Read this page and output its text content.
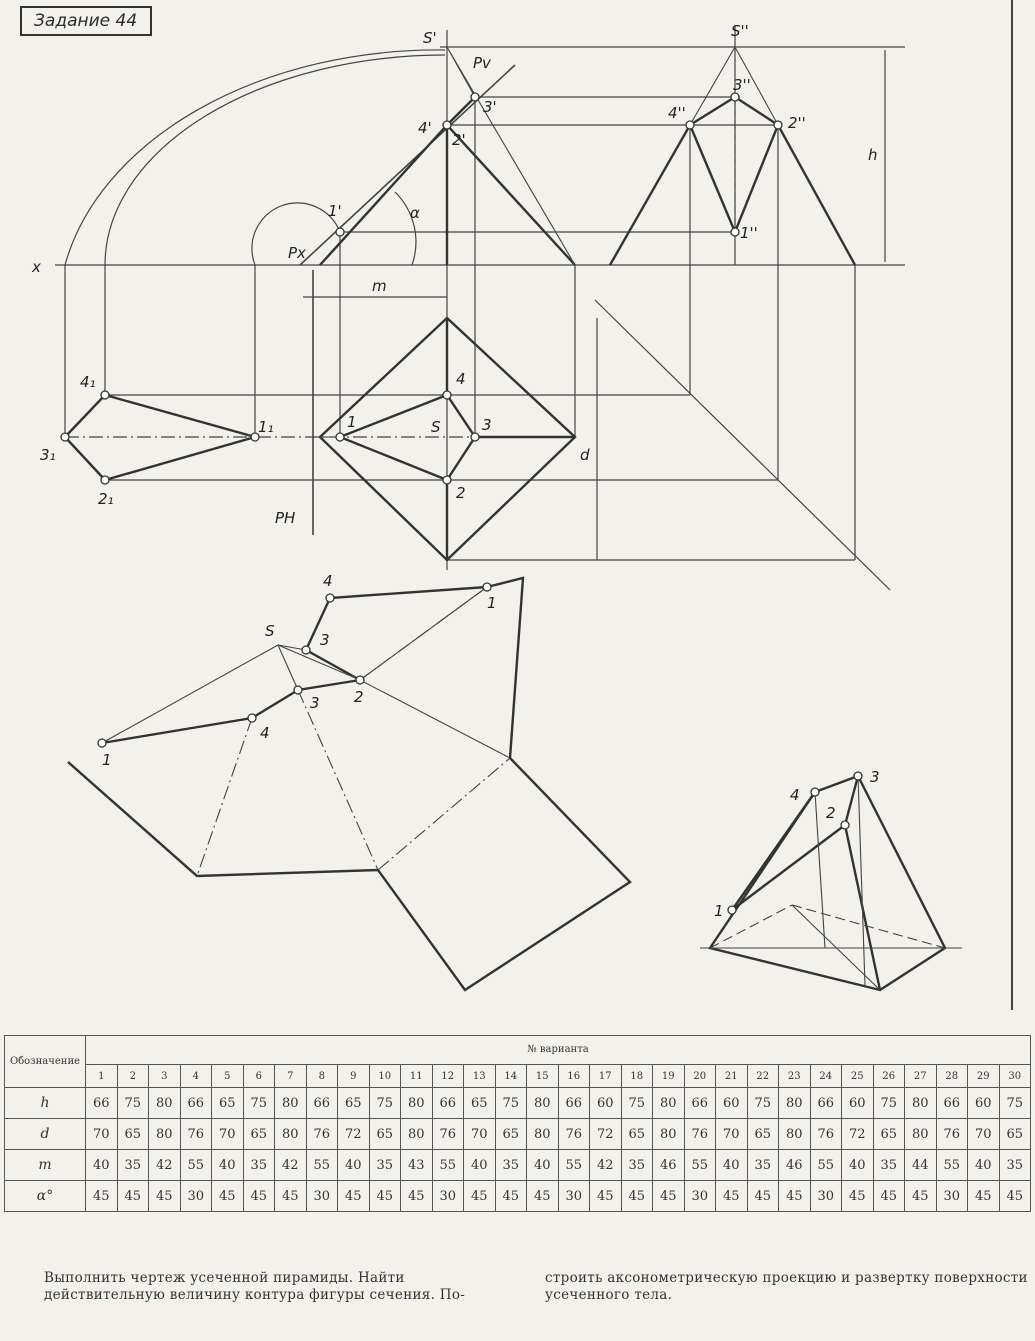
Задание 44
S'	S''
Pv
Px
PH
x
1'
2'
3'
4'
1''
2''
3''
4''
α
h
m
d
1₁
2₁
3₁
4₁
S
1
2
3
4
S
1
4
3 2
3
4
1
1
2
3
4
Обозначение	№ варианта																													
	1	2	3	4	5	6	7	8	9	10	11	12	13	14	15	16	17	18	19	20	21	22	23	24	25	26	27	28	29	30
h	66	75	80	66	65	75	80	66	65	75	80	66	65	75	80	66	60	75	80	66	60	75	80	66	60	75	80	66	60	75
d	70	65	80	76	70	65	80	76	72	65	80	76	70	65	80	76	72	65	80	76	70	65	80	76	72	65	80	76	70	65
m	40	35	42	55	40	35	42	55	40	35	43	55	40	35	40	55	42	35	46	55	40	35	46	55	40	35	44	55	40	35
α°	45	45	45	30	45	45	45	30	45	45	45	30	45	45	45	30	45	45	45	30	45	45	45	30	45	45	45	30	45	45
Выполнить чертеж усеченной пирамиды. Найти действительную величину контура фигуры сечения. По-
строить аксонометрическую проекцию и развертку поверхности усеченного тела.
